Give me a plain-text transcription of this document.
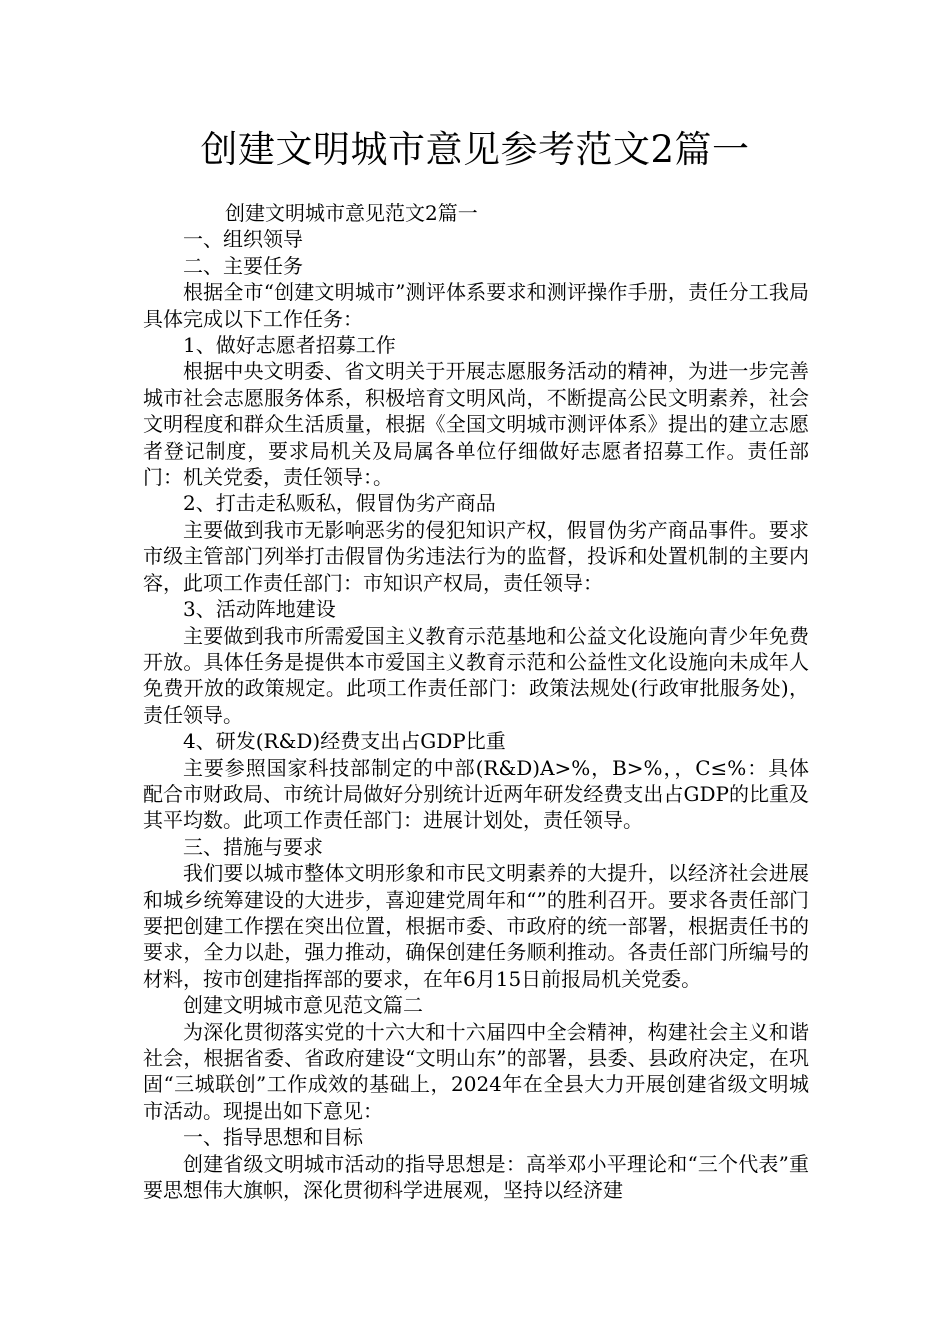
创建文明城市意见参考范文2篇一

创建文明城市意见范文2篇一

一、组织领导

二、主要任务

根据全市“创建文明城市”测评体系要求和测评操作手册，责任分工我局具体完成以下工作任务：

1、做好志愿者招募工作

根据中央文明委、省文明关于开展志愿服务活动的精神，为进一步完善城市社会志愿服务体系，积极培育文明风尚，不断提高公民文明素养，社会文明程度和群众生活质量，根据《全国文明城市测评体系》提出的建立志愿者登记制度，要求局机关及局属各单位仔细做好志愿者招募工作。责任部门：机关党委，责任领导：。

2、打击走私贩私，假冒伪劣产商品

主要做到我市无影响恶劣的侵犯知识产权，假冒伪劣产商品事件。要求市级主管部门列举打击假冒伪劣违法行为的监督，投诉和处置机制的主要内容，此项工作责任部门：市知识产权局，责任领导：

3、活动阵地建设

主要做到我市所需爱国主义教育示范基地和公益文化设施向青少年免费开放。具体任务是提供本市爱国主义教育示范和公益性文化设施向未成年人免费开放的政策规定。此项工作责任部门：政策法规处(行政审批服务处)，责任领导。

4、研发(R&D)经费支出占GDP比重

主要参照国家科技部制定的中部(R&D)A>%，B>%，，C≤%：具体配合市财政局、市统计局做好分别统计近两年研发经费支出占GDP的比重及其平均数。此项工作责任部门：进展计划处，责任领导。

三、措施与要求

我们要以城市整体文明形象和市民文明素养的大提升，以经济社会进展和城乡统筹建设的大进步，喜迎建党周年和“”的胜利召开。要求各责任部门要把创建工作摆在突出位置，根据市委、市政府的统一部署，根据责任书的要求，全力以赴，强力推动，确保创建任务顺利推动。各责任部门所编号的材料，按市创建指挥部的要求，在年6月15日前报局机关党委。

创建文明城市意见范文篇二

为深化贯彻落实党的十六大和十六届四中全会精神，构建社会主义和谐社会，根据省委、省政府建设“文明山东”的部署，县委、县政府决定，在巩固“三城联创”工作成效的基础上，2024年在全县大力开展创建省级文明城市活动。现提出如下意见：

一、指导思想和目标

创建省级文明城市活动的指导思想是：高举邓小平理论和“三个代表”重要思想伟大旗帜，深化贯彻科学进展观，坚持以经济建
